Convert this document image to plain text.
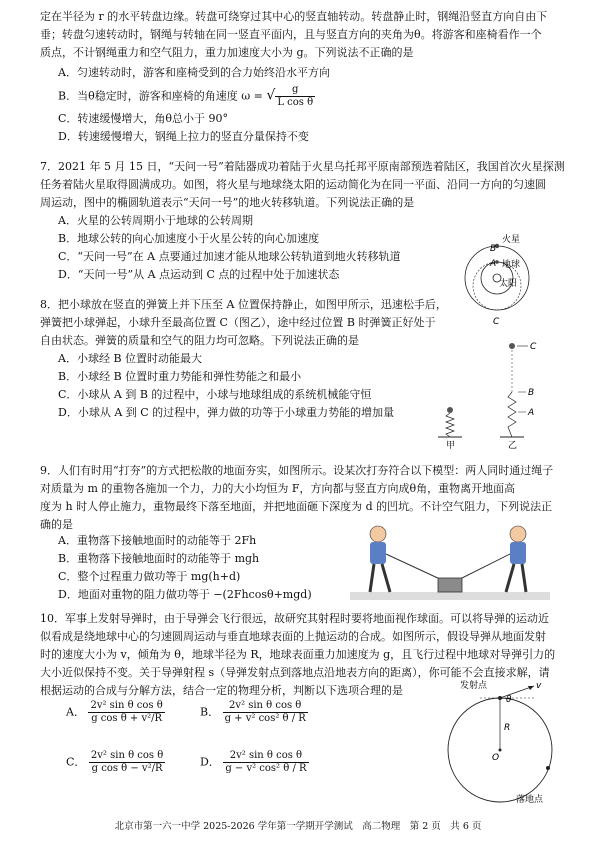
定在半径为 r 的水平转盘边缘。转盘可绕穿过其中心的竖直轴转动。转盘静止时，钢绳沿竖直方向自由下
垂；转盘匀速转动时，钢绳与转轴在同一竖直平面内，且与竖直方向的夹角为θ。将游客和座椅看作一个
质点，不计钢绳重力和空气阻力，重力加速度大小为 g。下列说法不正确的是
A．匀速转动时，游客和座椅受到的合力始终沿水平方向
B．当θ稳定时，游客和座椅的角速度 ω = √ $\frac{g}{\text{L cos θ}}$
C．转速缓慢增大，角θ总小于 90°
D．转速缓慢增大，钢绳上拉力的竖直分量保持不变
7．2021 年 5 月 15 日，“天问一号”着陆器成功着陆于火星乌托邦平原南部预选着陆区，我国首次火星探测
任务着陆火星取得圆满成功。如图，将火星与地球绕太阳的运动简化为在同一平面、沿同一方向的匀速圆
周运动，图中的椭圆轨道表示“天问一号”的地火转移轨道。下列说法正确的是
A．火星的公转周期小于地球的公转周期
B．地球公转的向心加速度小于火星公转的向心加速度
C．“天问一号”在 A 点要通过加速才能从地球公转轨道到地火转移轨道
D．“天问一号”从 A 点运动到 C 点的过程中处于加速状态
火星
地球
太阳
A
B
C
8．把小球放在竖直的弹簧上并下压至 A 位置保持静止，如图甲所示，迅速松手后，
弹簧把小球弹起，小球升至最高位置 C（图乙），途中经过位置 B 时弹簧正好处于
自由状态。弹簧的质量和空气的阻力均可忽略。下列说法正确的是
A．小球经 B 位置时动能最大
B．小球经 B 位置时重力势能和弹性势能之和最小
C．小球从 A 到 B 的过程中，小球与地球组成的系统机械能守恒
D．小球从 A 到 C 的过程中，弹力做的功等于小球重力势能的增加量
C
甲
B
A
乙
9．人们有时用“打夯”的方式把松散的地面夯实，如图所示。设某次打夯符合以下模型：两人同时通过绳子
对质量为 m 的重物各施加一个力，力的大小均恒为 F，方向都与竖直方向成θ角，重物离开地面高
度为 h 时人停止施力，重物最终下落至地面，并把地面砸下深度为 d 的凹坑。不计空气阻力，下列说法正
确的是
A．重物落下接触地面时的动能等于 2Fh
B．重物落下接触地面时的动能等于 mgh
C．整个过程重力做功等于 mg(h+d)
D．地面对重物的阻力做功等于 −(2Fhcosθ+mgd)
10．军事上发射导弹时，由于导弹会飞行很远，故研究其射程时要将地面视作球面。可以将导弹的运动近
似看成是绕地球中心的匀速圆周运动与垂直地球表面的上抛运动的合成。如图所示，假设导弹从地面发射
时的速度大小为 v，倾角为 θ，地球半径为 R，地球表面重力加速度为 g，且飞行过程中地球对导弹引力的
大小近似保持不变。关于导弹射程 s（导弹发射点到落地点沿地表方向的距离），你可能不会直接求解，请
根据运动的合成与分解方法，结合一定的物理分析，判断以下选项合理的是
A． $\frac{\text{2v² sin θ cos θ}}{\text{g cos θ + v²/R}}$	B． $\frac{\text{2v² sin θ cos θ}}{\text{g + v² cos² θ / R}}$
C． $\frac{\text{2v² sin θ cos θ}}{\text{g cos θ − v²/R}}$	D． $\frac{\text{2v² sin θ cos θ}}{\text{g − v² cos² θ / R}}$
发射点	v
θ
R
O
落地点
北京市第一六一中学 2025-2026 学年第一学期开学测试　高二物理　第 2 页　共 6 页
